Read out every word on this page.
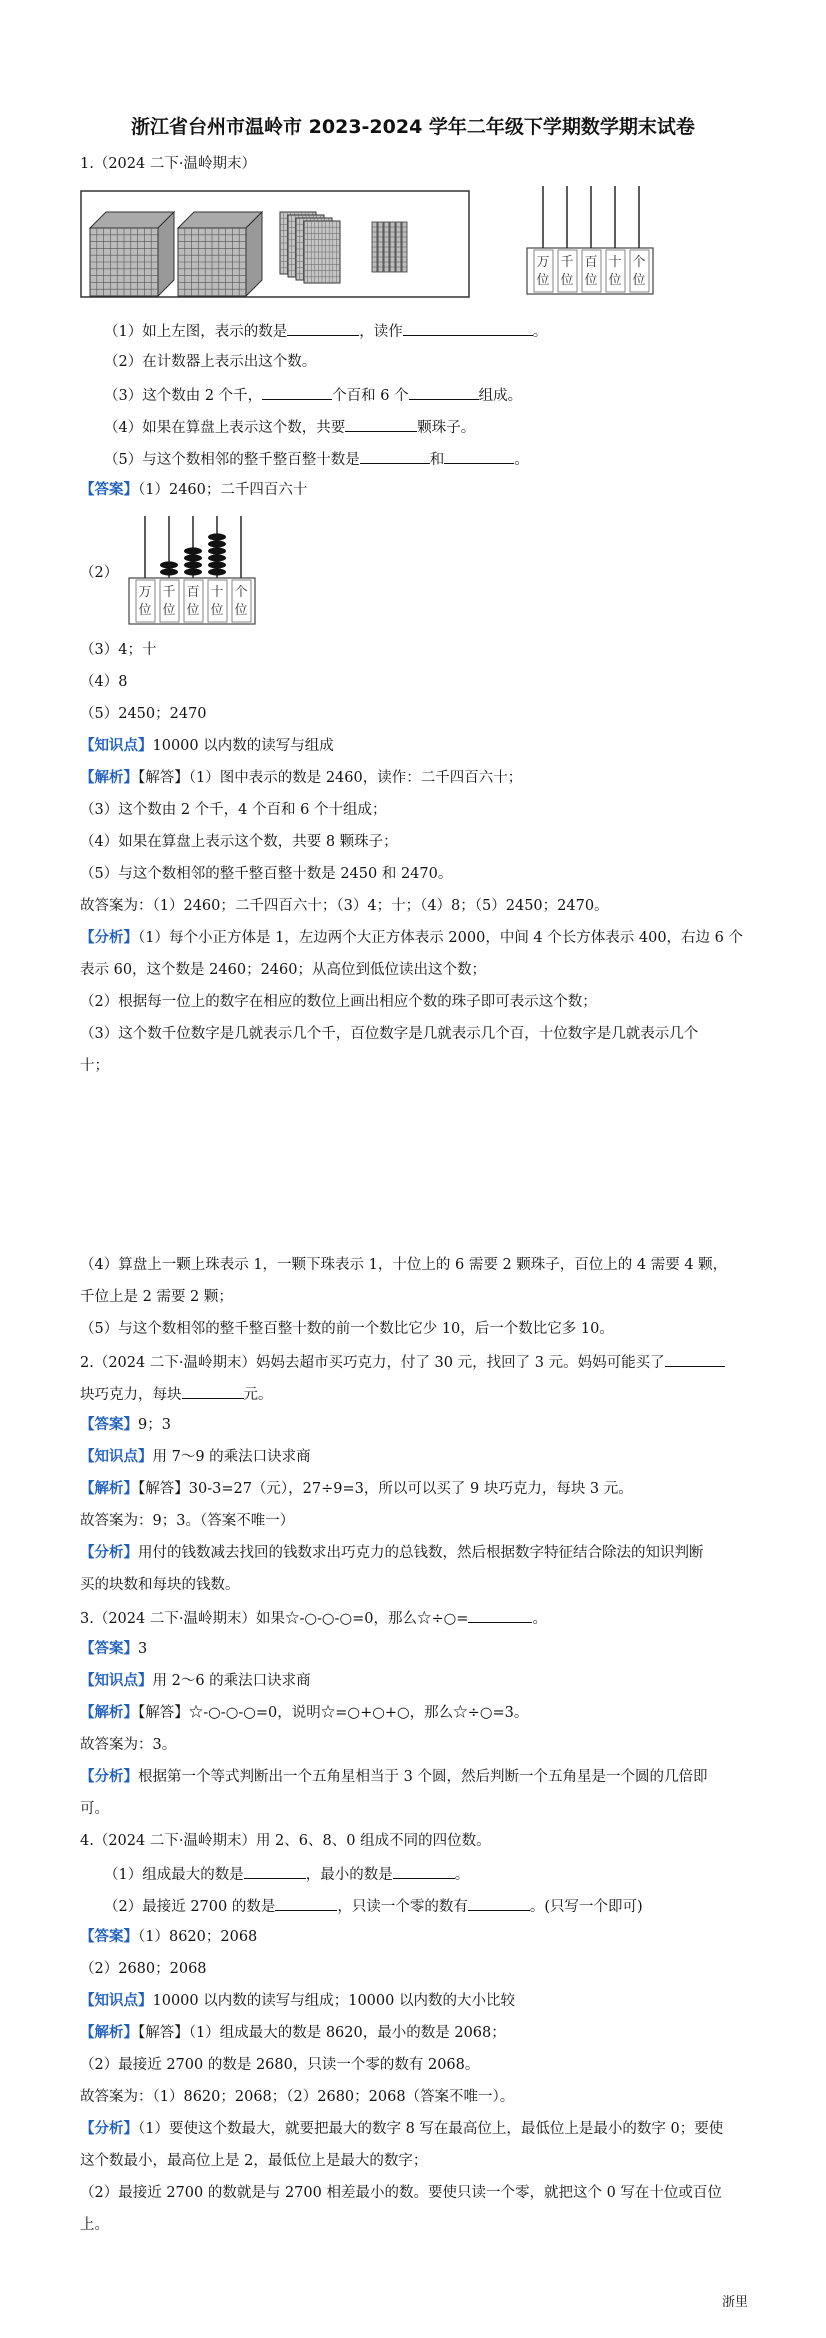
浙江省台州市温岭市 2023-2024 学年二年级下学期数学期末试卷
1.（2024 二下·温岭期末）
万
位
千
位
百
位
十
位
个
位
（1）如上左图，表示的数是	，读作	。
（2）在计数器上表示出这个数。
（3）这个数由 2 个千，	个百和 6 个	组成。
（4）如果在算盘上表示这个数，共要	颗珠子。
（5）与这个数相邻的整千整百整十数是	和	。
【答案】（1）2460；二千四百六十
（2）
万
位
千
位
百
位
十
位
个
位
（3）4；十
（4）8
（5）2450；2470
【知识点】10000 以内数的读写与组成
【解析】【解答】（1）图中表示的数是 2460，读作：二千四百六十；
（3）这个数由 2 个千，4 个百和 6 个十组成；
（4）如果在算盘上表示这个数，共要 8 颗珠子；
（5）与这个数相邻的整千整百整十数是 2450 和 2470。
故答案为：（1）2460；二千四百六十；（3）4；十；（4）8；（5）2450；2470。
【分析】（1）每个小正方体是 1，左边两个大正方体表示 2000，中间 4 个长方体表示 400，右边 6 个
表示 60，这个数是 2460；2460；从高位到低位读出这个数；
（2）根据每一位上的数字在相应的数位上画出相应个数的珠子即可表示这个数；
（3）这个数千位数字是几就表示几个千，百位数字是几就表示几个百，十位数字是几就表示几个
十；
（4）算盘上一颗上珠表示 1，一颗下珠表示 1，十位上的 6 需要 2 颗珠子，百位上的 4 需要 4 颗，
千位上是 2 需要 2 颗；
（5）与这个数相邻的整千整百整十数的前一个数比它少 10，后一个数比它多 10。
2.（2024 二下·温岭期末）妈妈去超市买巧克力，付了 30 元，找回了 3 元。妈妈可能买了
块巧克力，每块	元。
【答案】9；3
【知识点】用 7～9 的乘法口诀求商
【解析】【解答】30-3=27（元），27÷9=3，所以可以买了 9 块巧克力，每块 3 元。
故答案为：9；3。（答案不唯一）
【分析】用付的钱数减去找回的钱数求出巧克力的总钱数，然后根据数字特征结合除法的知识判断
买的块数和每块的钱数。
3.（2024 二下·温岭期末）如果☆-○-○-○=0，那么☆÷○=	。
【答案】3
【知识点】用 2～6 的乘法口诀求商
【解析】【解答】☆-○-○-○=0，说明☆=○+○+○，那么☆÷○=3。
故答案为：3。
【分析】根据第一个等式判断出一个五角星相当于 3 个圆，然后判断一个五角星是一个圆的几倍即
可。
4.（2024 二下·温岭期末）用 2、6、8、0 组成不同的四位数。
（1）组成最大的数是	，最小的数是	。
（2）最接近 2700 的数是	，只读一个零的数有	。(只写一个即可)
【答案】（1）8620；2068
（2）2680；2068
【知识点】10000 以内数的读写与组成；10000 以内数的大小比较
【解析】【解答】（1）组成最大的数是 8620，最小的数是 2068；
（2）最接近 2700 的数是 2680，只读一个零的数有 2068。
故答案为：（1）8620；2068；（2）2680；2068（答案不唯一）。
【分析】（1）要使这个数最大，就要把最大的数字 8 写在最高位上，最低位上是最小的数字 0；要使
这个数最小，最高位上是 2，最低位上是最大的数字；
（2）最接近 2700 的数就是与 2700 相差最小的数。要使只读一个零，就把这个 0 写在十位或百位
上。
浙里
